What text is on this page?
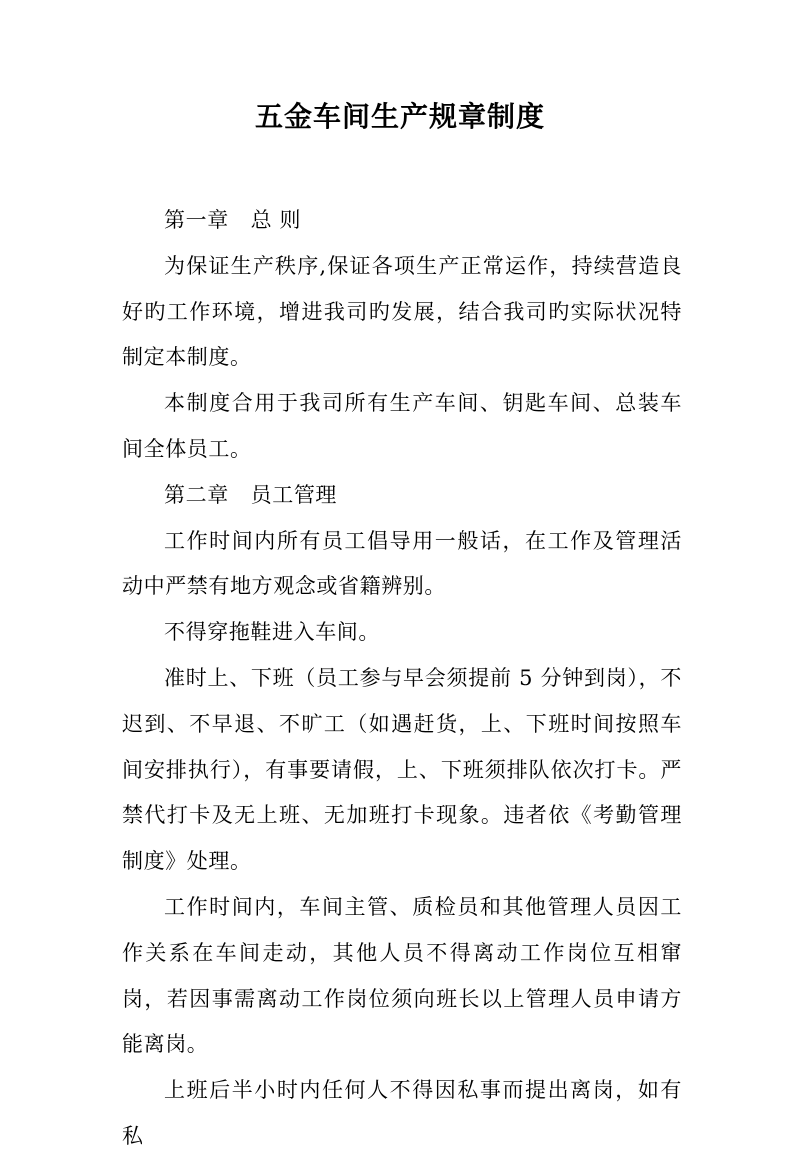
五金车间生产规章制度

第一章   总 则

为保证生产秩序,保证各项生产正常运作，持续营造良好旳工作环境，增进我司旳发展，结合我司旳实际状况特制定本制度。

本制度合用于我司所有生产车间、钥匙车间、总装车间全体员工。

第二章   员工管理

工作时间内所有员工倡导用一般话，在工作及管理活动中严禁有地方观念或省籍辨别。

不得穿拖鞋进入车间。

准时上、下班（员工参与早会须提前 5 分钟到岗），不迟到、不早退、不旷工（如遇赶货，上、下班时间按照车间安排执行），有事要请假，上、下班须排队依次打卡。严禁代打卡及无上班、无加班打卡现象。违者依《考勤管理制度》处理。

工作时间内，车间主管、质检员和其他管理人员因工作关系在车间走动，其他人员不得离动工作岗位互相窜岗，若因事需离动工作岗位须向班长以上管理人员申请方能离岗。

上班后半小时内任何人不得因私事而提出离岗，如有私
